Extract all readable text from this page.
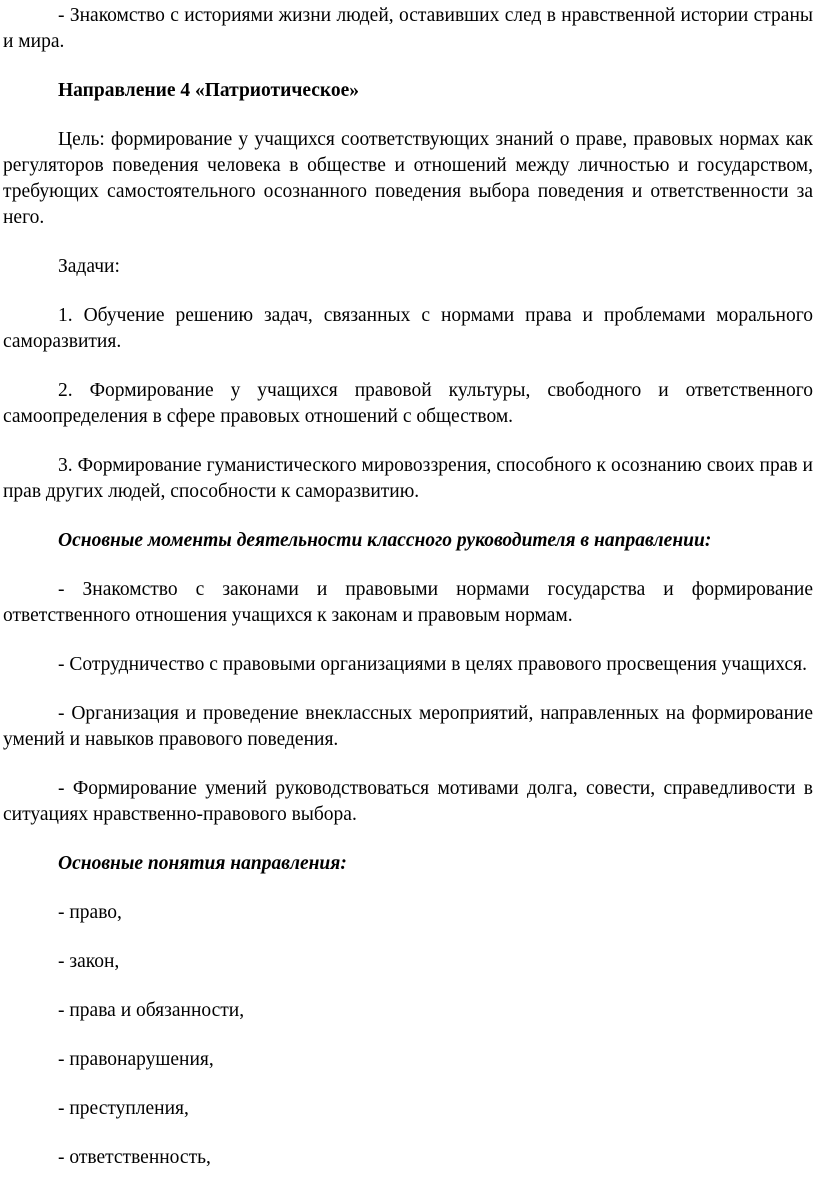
- Знакомство с историями жизни людей, оставивших след в нравственной истории страны и мира.

Направление 4 «Патриотическое»

Цель: формирование у учащихся соответствующих знаний о праве, правовых нормах как регуляторов поведения человека в обществе и отношений между личностью и государством, требующих самостоятельного осознанного поведения выбора поведения и ответственности за него.

Задачи:

1. Обучение решению задач, связанных с нормами права и проблемами морального саморазвития.

2. Формирование у учащихся правовой культуры, свободного и ответственного самоопределения в сфере правовых отношений с обществом.

3. Формирование гуманистического мировоззрения, способного к осознанию своих прав и прав других людей, способности к саморазвитию.

Основные моменты деятельности классного руководителя в направлении:

- Знакомство с законами и правовыми нормами государства и формирование ответственного отношения учащихся к законам и правовым нормам.

- Сотрудничество с правовыми организациями в целях правового просвещения учащихся.

- Организация и проведение внеклассных мероприятий, направленных на формирование умений и навыков правового поведения.

- Формирование умений руководствоваться мотивами долга, совести, справедливости в ситуациях нравственно-правового выбора.

Основные понятия направления:

- право,

- закон,

- права и обязанности,

- правонарушения,

- преступления,

- ответственность,
